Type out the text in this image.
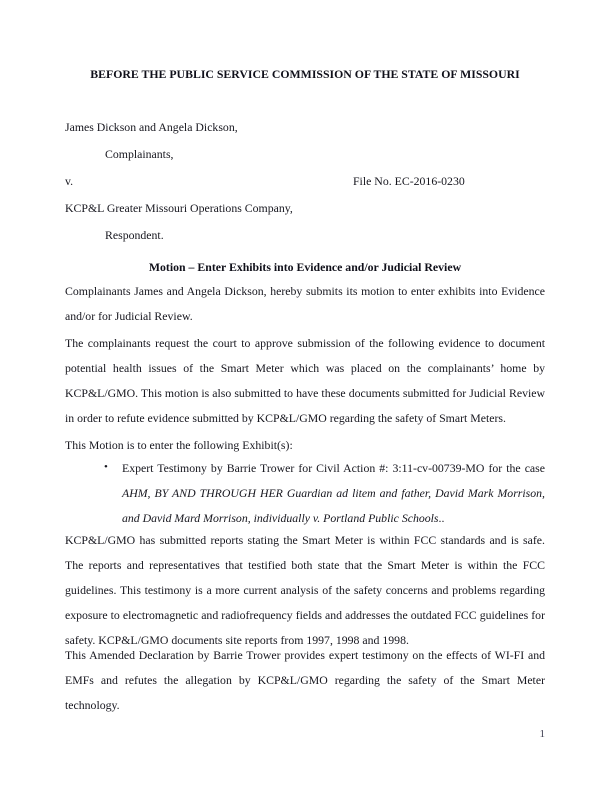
BEFORE THE PUBLIC SERVICE COMMISSION OF THE STATE OF MISSOURI
James Dickson and Angela Dickson,
Complainants,
v.	File No. EC-2016-0230
KCP&L Greater Missouri Operations Company,
Respondent.
Motion – Enter Exhibits into Evidence and/or Judicial Review
Complainants James and Angela Dickson, hereby submits its motion to enter exhibits into Evidence and/or for Judicial Review.
The complainants request the court to approve submission of the following evidence to document potential health issues of the Smart Meter which was placed on the complainants’ home by KCP&L/GMO. This motion is also submitted to have these documents submitted for Judicial Review in order to refute evidence submitted by KCP&L/GMO regarding the safety of Smart Meters.
This Motion is to enter the following Exhibit(s):
• Expert Testimony by Barrie Trower for Civil Action #: 3:11-cv-00739-MO for the case AHM, BY AND THROUGH HER Guardian ad litem and father, David Mark Morrison, and David Mard Morrison, individually v. Portland Public Schools..
KCP&L/GMO has submitted reports stating the Smart Meter is within FCC standards and is safe. The reports and representatives that testified both state that the Smart Meter is within the FCC guidelines. This testimony is a more current analysis of the safety concerns and problems regarding exposure to electromagnetic and radiofrequency fields and addresses the outdated FCC guidelines for safety. KCP&L/GMO documents site reports from 1997, 1998 and 1998.
This Amended Declaration by Barrie Trower provides expert testimony on the effects of WI-FI and EMFs and refutes the allegation by KCP&L/GMO regarding the safety of the Smart Meter technology.
1
